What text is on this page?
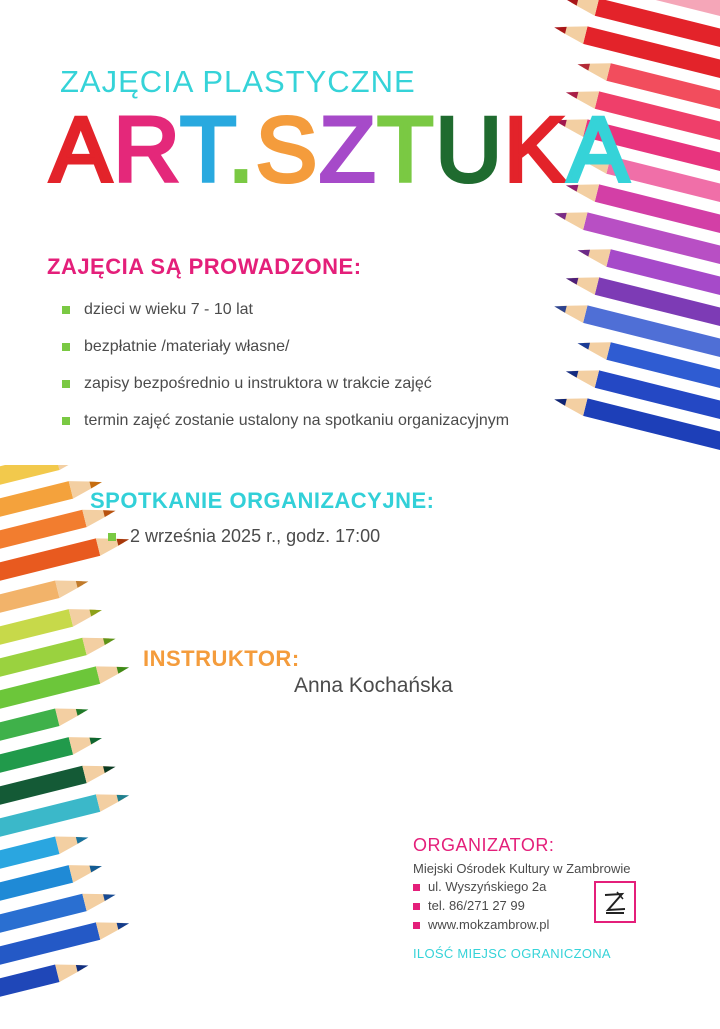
ZAJĘCIA PLASTYCZNE
ART.SZTUKA
ZAJĘCIA SĄ PROWADZONE:
dzieci w wieku 7 - 10 lat
bezpłatnie /materiały własne/
zapisy bezpośrednio u instruktora w trakcie zajęć
termin zajęć zostanie ustalony na spotkaniu organizacyjnym
SPOTKANIE ORGANIZACYJNE:
2 września 2025 r., godz. 17:00
INSTRUKTOR:
Anna Kochańska
ORGANIZATOR:
Miejski Ośrodek Kultury w Zambrowie
ul. Wyszyńskiego 2a
tel. 86/271 27 99
www.mokzambrow.pl
ILOŚĆ MIEJSC OGRANICZONA
